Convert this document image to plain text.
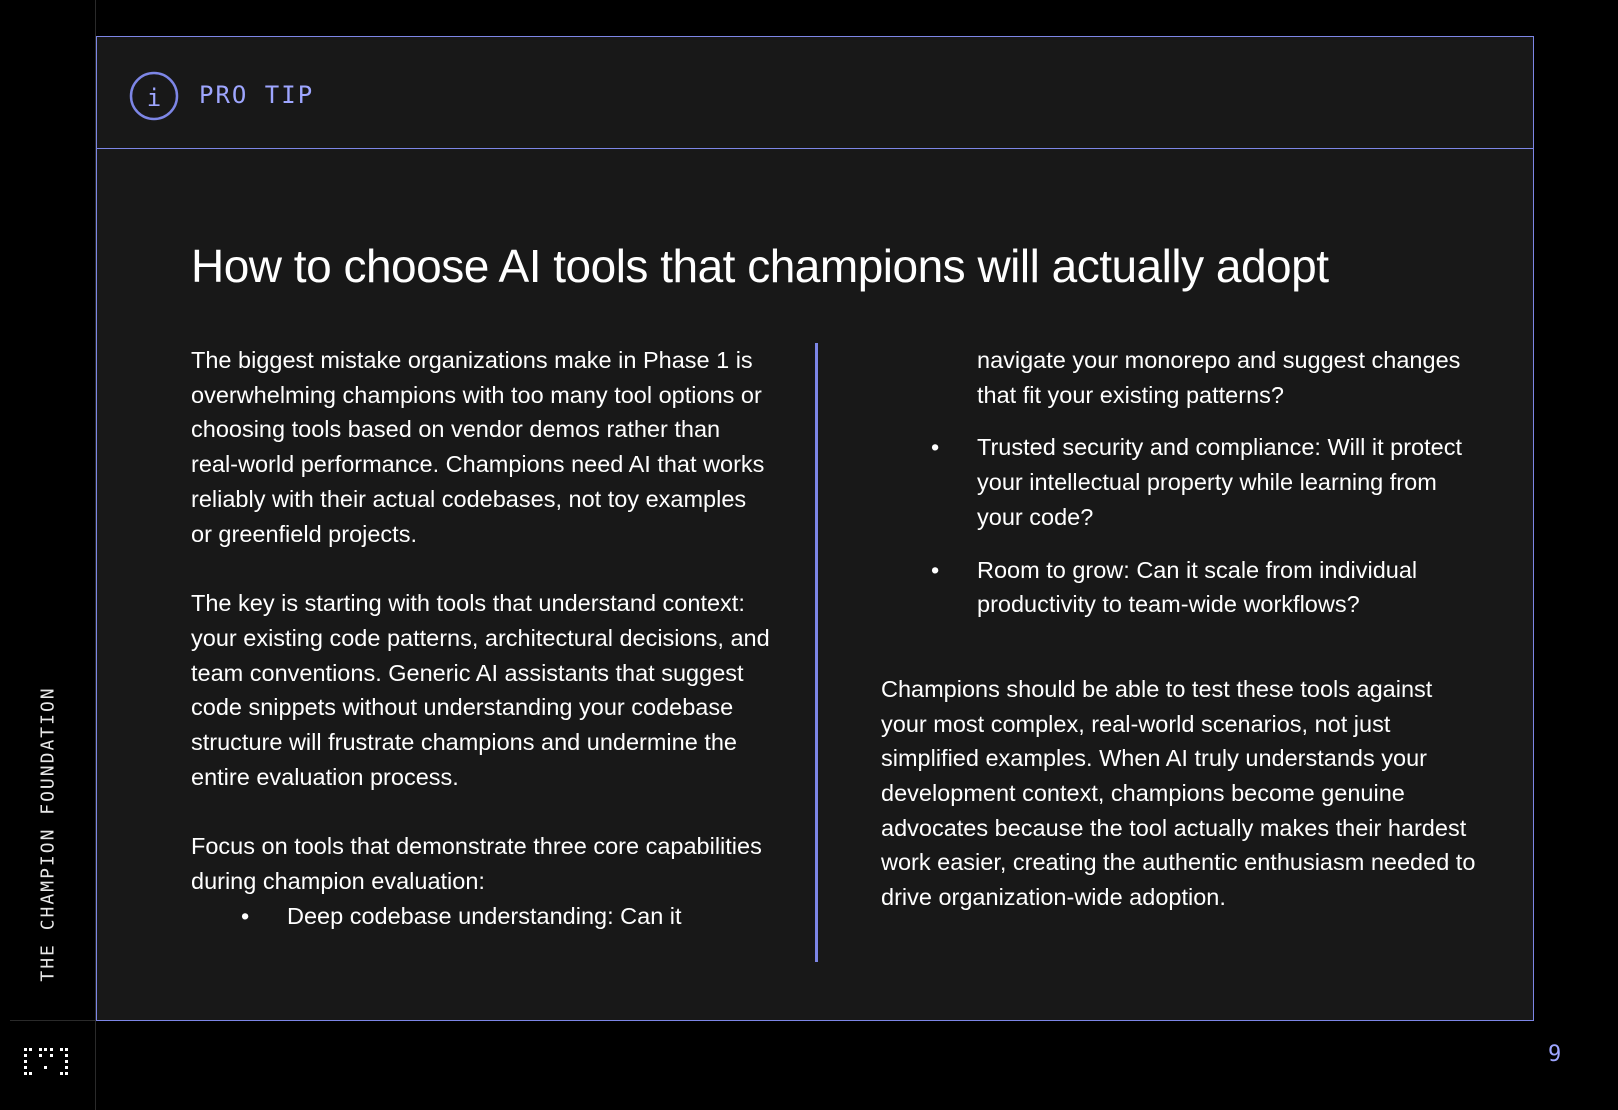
THE CHAMPION FOUNDATION
i PRO TIP
How to choose AI tools that champions will actually adopt

The biggest mistake organizations make in Phase 1 is overwhelming champions with too many tool options or choosing tools based on vendor demos rather than real-world performance. Champions need AI that works reliably with their actual codebases, not toy examples or greenfield projects.

The key is starting with tools that understand context: your existing code patterns, architectural decisions, and team conventions. Generic AI assistants that suggest code snippets without understanding your codebase structure will frustrate champions and undermine the entire evaluation process.

Focus on tools that demonstrate three core capabilities during champion evaluation:

• Deep codebase understanding: Can it

navigate your monorepo and suggest changes that fit your existing patterns?

• Trusted security and compliance: Will it protect your intellectual property while learning from your code?
• Room to grow: Can it scale from individual productivity to team-wide workflows?

Champions should be able to test these tools against your most complex, real-world scenarios, not just simplified examples. When AI truly understands your development context, champions become genuine advocates because the tool actually makes their hardest work easier, creating the authentic enthusiasm needed to drive organization-wide adoption.

9
